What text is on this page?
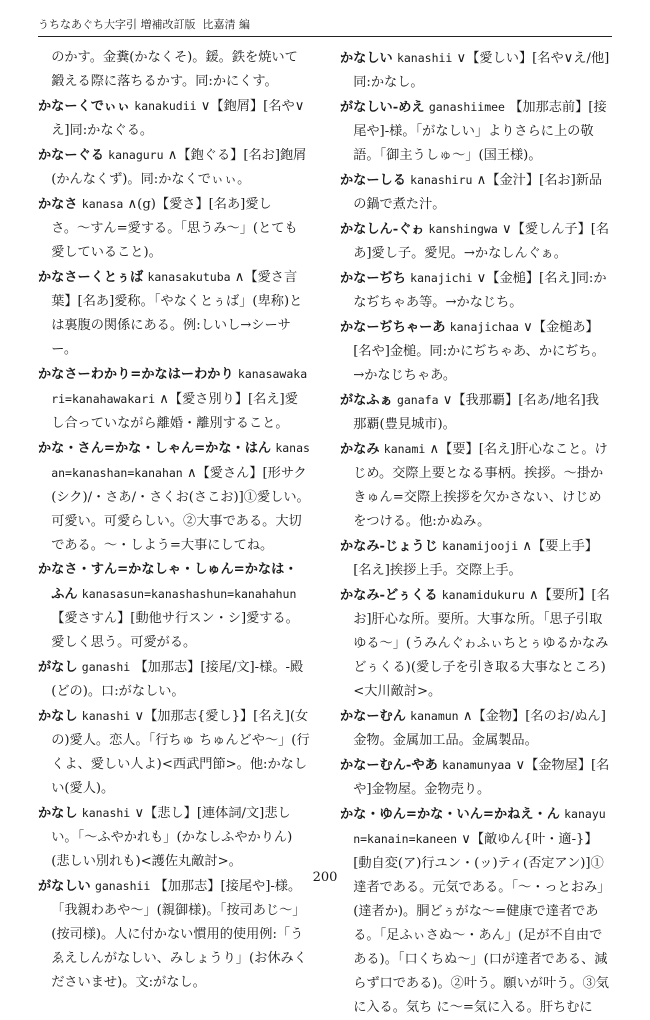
うちなあぐち大字引 増補改訂版 比嘉清 編

のかす。金糞(かなくそ)。鍰。鉄を焼いて鍛える際に落ちるかす。同:かにくす。

かなーくでぃぃ kanakudii ∨【鉋屑】[名や∨え]同:かなぐる。

かなーぐる kanaguru ∧【鉋ぐる】[名お]鉋屑(かんなくず)。同:かなくでぃぃ。

かなさ kanasa ∧(g)【愛さ】[名あ]愛しさ。〜すん=愛する。「思うみ〜」(とても愛していること)。

かなさーくとぅば kanasakutuba ∧【愛さ言葉】[名あ]愛称。「やなくとぅば」(卑称)とは裏腹の関係にある。例:しいし→シーサー。

かなさーわかり=かなはーわかり kanasawakari=kanahawakari ∧【愛さ別り】[名え]愛し合っていながら離婚・離別すること。

かな・さん=かな・しゃん=かな・はん kanasan=kanashan=kanahan ∧【愛さん】[形サク(シク)/・さあ/・さくお(さこお)]①愛しい。可愛い。可愛らしい。②大事である。大切である。〜・しよう=大事にしてね。

かなさ・すん=かなしゃ・しゅん=かなは・ふん kanasasun=kanashashun=kanahahun 【愛さすん】[動他サ行スン・シ]愛する。愛しく思う。可愛がる。

がなし ganashi 【加那志】[接尾/文]-様。-殿(どの)。口:がなしい。

かなし kanashi ∨【加那志{愛し}】[名え](女の)愛人。恋人。「行ちゅ ちゅんどや〜」(行くよ、愛しい人よ)<西武門節>。他:かなしい(愛人)。

かなし kanashi ∨【悲し】[連体詞/文]悲しい。「〜ふやかれも」(かなしふやかりん)(悲しい別れも)<護佐丸敵討>。

がなしい ganashii 【加那志】[接尾や]-様。「我親わあや〜」(親御様)。「按司あじ〜」(按司様)。人に付かない慣用的使用例:「うゑえしんがなしい、みしょうり」(お休みくださいませ)。文:がなし。

かなしい kanashii ∨【愛しい】[名や∨え/他]同:かなし。

がなしい-めえ ganashiimee 【加那志前】[接尾や]-様。「がなしい」よりさらに上の敬語。「御主うしゅ〜」(国王様)。

かなーしる kanashiru ∧【金汁】[名お]新品の鍋で煮た汁。

かなしん-ぐゎ kanshingwa ∨【愛しん子】[名あ]愛し子。愛児。→かなしんぐぁ。

かなーぢち kanajichi ∨【金槌】[名え]同:かなぢちゃあ等。→かなじち。

かなーぢちゃーあ kanajichaa ∨【金槌あ】[名や]金槌。同:かにぢちゃあ、かにぢち。→かなじちゃあ。

がなふぁ ganafa ∨【我那覇】[名あ/地名]我那覇(豊見城市)。

かなみ kanami ∧【要】[名え]肝心なこと。けじめ。交際上要となる事柄。挨拶。〜掛か きゅん=交際上挨拶を欠かさない、けじめをつける。他:かぬみ。

かなみ-じょうじ kanamijooji ∧【要上手】[名え]挨拶上手。交際上手。

かなみ-どぅくる kanamidukuru ∧【要所】[名お]肝心な所。要所。大事な所。「思子引取ゆる〜」(うみんぐゎふぃちとぅゆるかなみどぅくる)(愛し子を引き取る大事なところ)<大川敵討>。

かなーむん kanamun ∧【金物】[名のお/ぬん]金物。金属加工品。金属製品。

かなーむん-やあ kanamunyaa ∨【金物屋】[名や]金物屋。金物売り。

かな・ゆん=かな・いん=かねえ・ん kanayun=kanain=kaneen ∨【敵ゆん{叶・適-}】[動自変(ア)行ユン・(ッ)ティ(否定アン)]①達者である。元気である。「〜・っとおみ」(達者か)。胴どぅがな〜=健康で達者である。「足ふぃさぬ〜・あん」(足が不自由である)。「口くちぬ〜」(口が達者である、減らず口である)。②叶う。願いが叶う。③気に入る。気ち に〜=気に入る。肝ちむに

200
